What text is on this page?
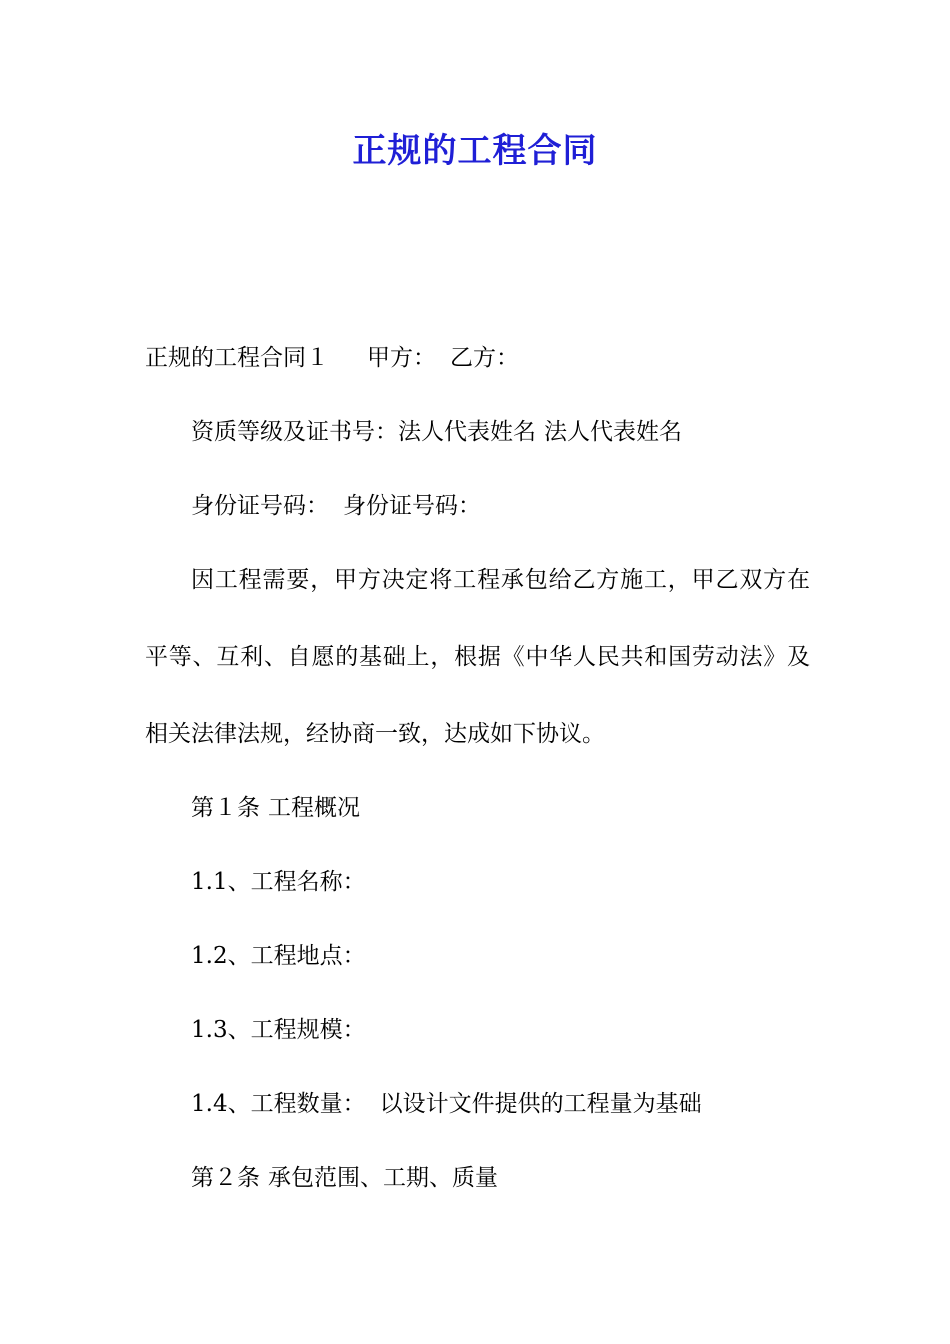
正规的工程合同

正规的工程合同１ 甲方： 乙方：

资质等级及证书号：法人代表姓名 法人代表姓名

身份证号码： 身份证号码：

因工程需要，甲方决定将工程承包给乙方施工，甲乙双方在平等、互利、自愿的基础上，根据《中华人民共和国劳动法》及相关法律法规，经协商一致，达成如下协议。

第１条 工程概况

1.1、工程名称：

1.2、工程地点：

1.3、工程规模：

1.4、工程数量： 以设计文件提供的工程量为基础

第２条 承包范围、工期、质量
